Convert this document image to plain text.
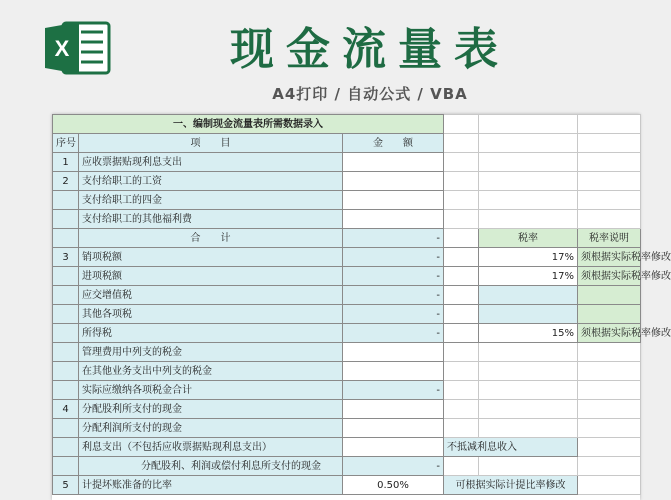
X	现金流量表
A4打印 / 自动公式 / VBA
一、编制现金流量表所需数据录入					
序号	项　　目	金　　额			
1	应收票据贴现利息支出				
2	支付给职工的工资				
	支付给职工的四金				
	支付给职工的其他福利费				
	合　　计	-		税率	税率说明
3	销项税额	-		17%	须根据实际税率修改
	进项税额	-		17%	须根据实际税率修改
	应交增值税	-			
	其他各项税	-			
	所得税	-		15%	须根据实际税率修改
	管理费用中列支的税金				
	在其他业务支出中列支的税金				
	实际应缴纳各项税金合计	-			
4	分配股利所支付的现金				
	分配利润所支付的现金				
	利息支出（不包括应收票据贴现利息支出）		不抵减利息收入		
	分配股利、利润或偿付利息所支付的现金	-			
5	计提坏账准备的比率	0.50%	可根据实际计提比率修改		
